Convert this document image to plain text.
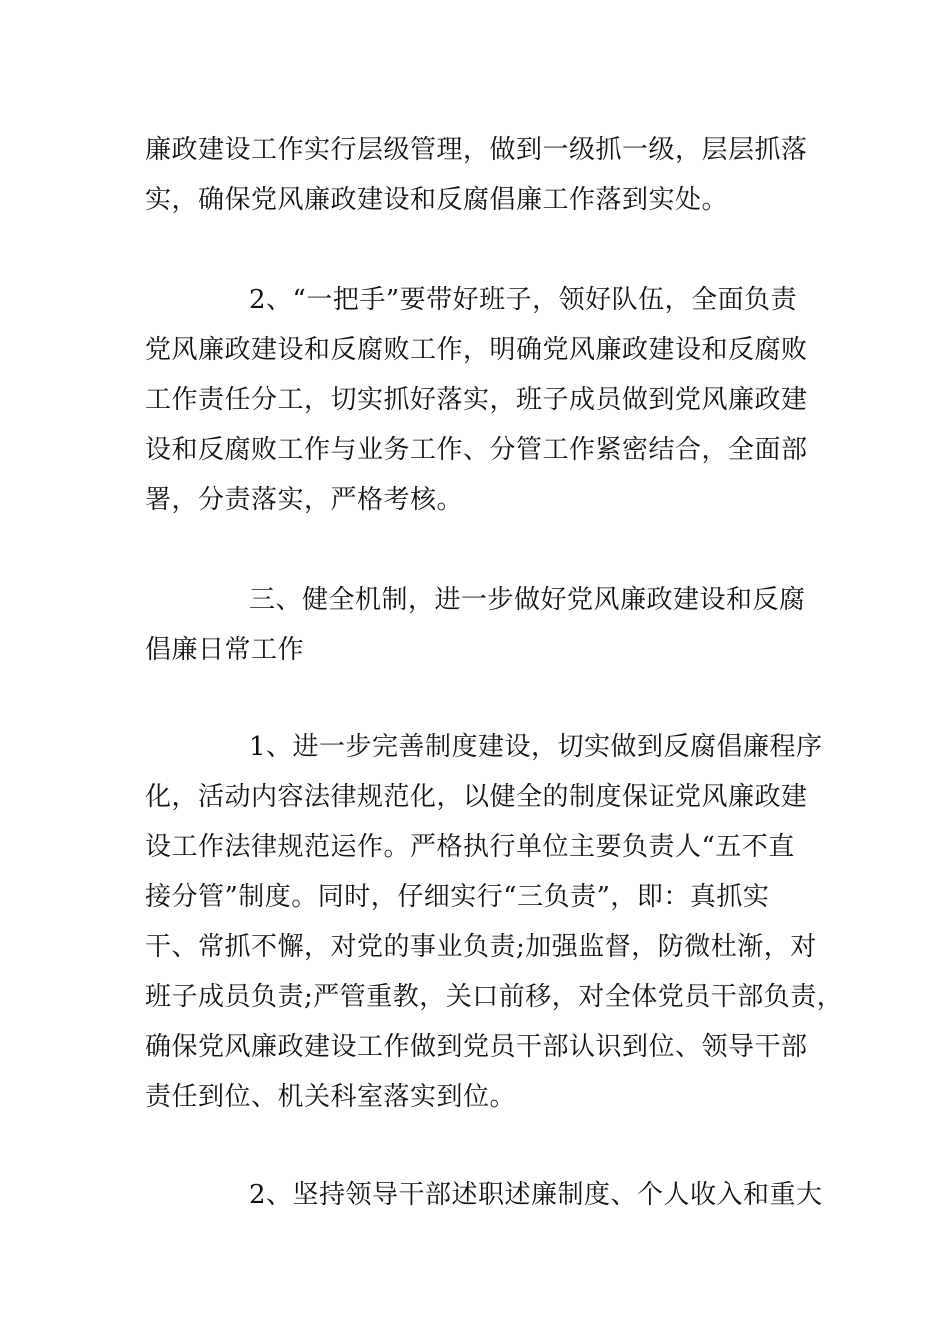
廉政建设工作实行层级管理，做到一级抓一级，层层抓落
实，确保党风廉政建设和反腐倡廉工作落到实处。
2、“一把手”要带好班子，领好队伍，全面负责
党风廉政建设和反腐败工作，明确党风廉政建设和反腐败
工作责任分工，切实抓好落实，班子成员做到党风廉政建
设和反腐败工作与业务工作、分管工作紧密结合，全面部
署，分责落实，严格考核。
三、健全机制，进一步做好党风廉政建设和反腐
倡廉日常工作
1、进一步完善制度建设，切实做到反腐倡廉程序
化，活动内容法律规范化，以健全的制度保证党风廉政建
设工作法律规范运作。严格执行单位主要负责人“五不直
接分管”制度。同时，仔细实行“三负责”，即：真抓实
干、常抓不懈，对党的事业负责;加强监督，防微杜渐，对
班子成员负责;严管重教，关口前移，对全体党员干部负责，
确保党风廉政建设工作做到党员干部认识到位、领导干部
责任到位、机关科室落实到位。
2、坚持领导干部述职述廉制度、个人收入和重大
